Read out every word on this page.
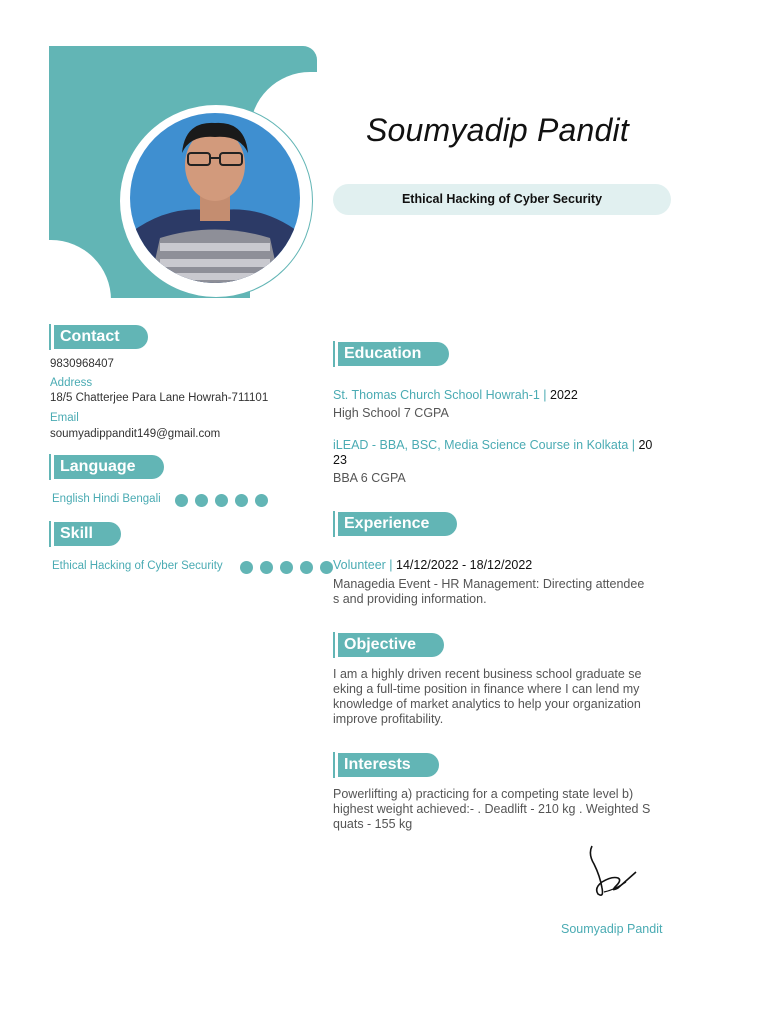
Soumyadip Pandit
Ethical Hacking of Cyber Security
Contact
9830968407
Address
18/5 Chatterjee Para Lane Howrah-711101
Email
soumyadippandit149@gmail.com
Language
English Hindi Bengali
Skill
Ethical Hacking of Cyber Security
Education
St. Thomas Church School Howrah-1 | 2022
High School 7 CGPA
iLEAD - BBA, BSC, Media Science Course in Kolkata | 20
23
BBA 6 CGPA
Experience
Volunteer | 14/12/2022 - 18/12/2022
Managedia Event - HR Management: Directing attendee
s and providing information.
Objective
I am a highly driven recent business school graduate se
eking a full-time position in finance where I can lend my
knowledge of market analytics to help your organization
improve profitability.
Interests
Powerlifting a) practicing for a competing state level b)
highest weight achieved:- . Deadlift - 210 kg . Weighted S
quats - 155 kg
Soumyadip Pandit
